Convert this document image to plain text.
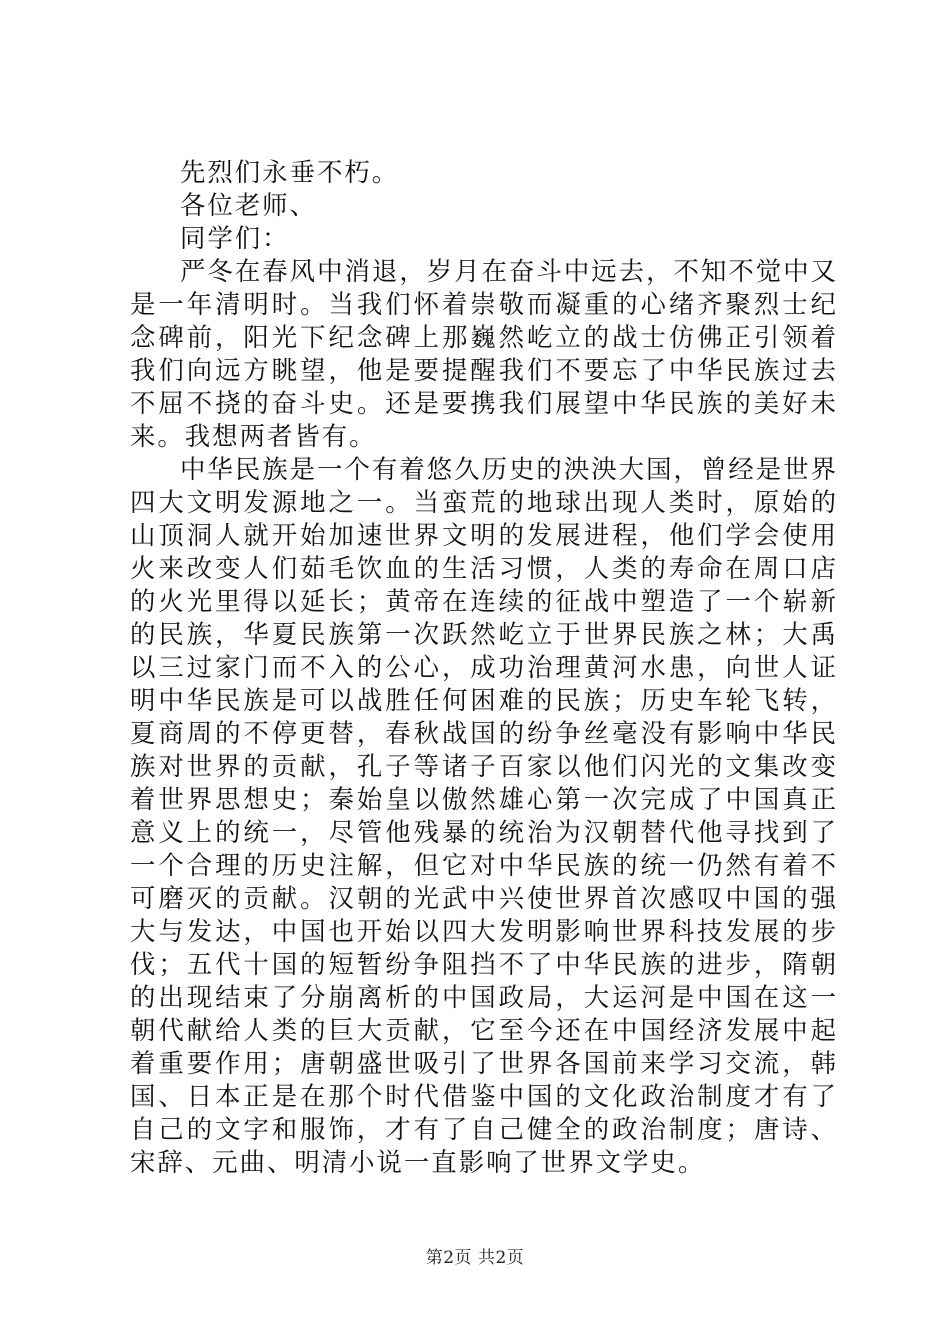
先烈们永垂不朽。

各位老师、

同学们：

严冬在春风中消退，岁月在奋斗中远去，不知不觉中又是一年清明时。当我们怀着崇敬而凝重的心绪齐聚烈士纪念碑前，阳光下纪念碑上那巍然屹立的战士仿佛正引领着我们向远方眺望，他是要提醒我们不要忘了中华民族过去不屈不挠的奋斗史。还是要携我们展望中华民族的美好未来。我想两者皆有。

中华民族是一个有着悠久历史的泱泱大国，曾经是世界四大文明发源地之一。当蛮荒的地球出现人类时，原始的山顶洞人就开始加速世界文明的发展进程，他们学会使用火来改变人们茹毛饮血的生活习惯，人类的寿命在周口店的火光里得以延长；黄帝在连续的征战中塑造了一个崭新的民族，华夏民族第一次跃然屹立于世界民族之林；大禹以三过家门而不入的公心，成功治理黄河水患，向世人证明中华民族是可以战胜任何困难的民族；历史车轮飞转，夏商周的不停更替，春秋战国的纷争丝毫没有影响中华民族对世界的贡献，孔子等诸子百家以他们闪光的文集改变着世界思想史；秦始皇以傲然雄心第一次完成了中国真正意义上的统一，尽管他残暴的统治为汉朝替代他寻找到了一个合理的历史注解，但它对中华民族的统一仍然有着不可磨灭的贡献。汉朝的光武中兴使世界首次感叹中国的强大与发达，中国也开始以四大发明影响世界科技发展的步伐；五代十国的短暂纷争阻挡不了中华民族的进步，隋朝的出现结束了分崩离析的中国政局，大运河是中国在这一朝代献给人类的巨大贡献，它至今还在中国经济发展中起着重要作用；唐朝盛世吸引了世界各国前来学习交流，韩国、日本正是在那个时代借鉴中国的文化政治制度才有了自己的文字和服饰，才有了自己健全的政治制度；唐诗、宋辞、元曲、明清小说一直影响了世界文学史。

第2页 共2页
